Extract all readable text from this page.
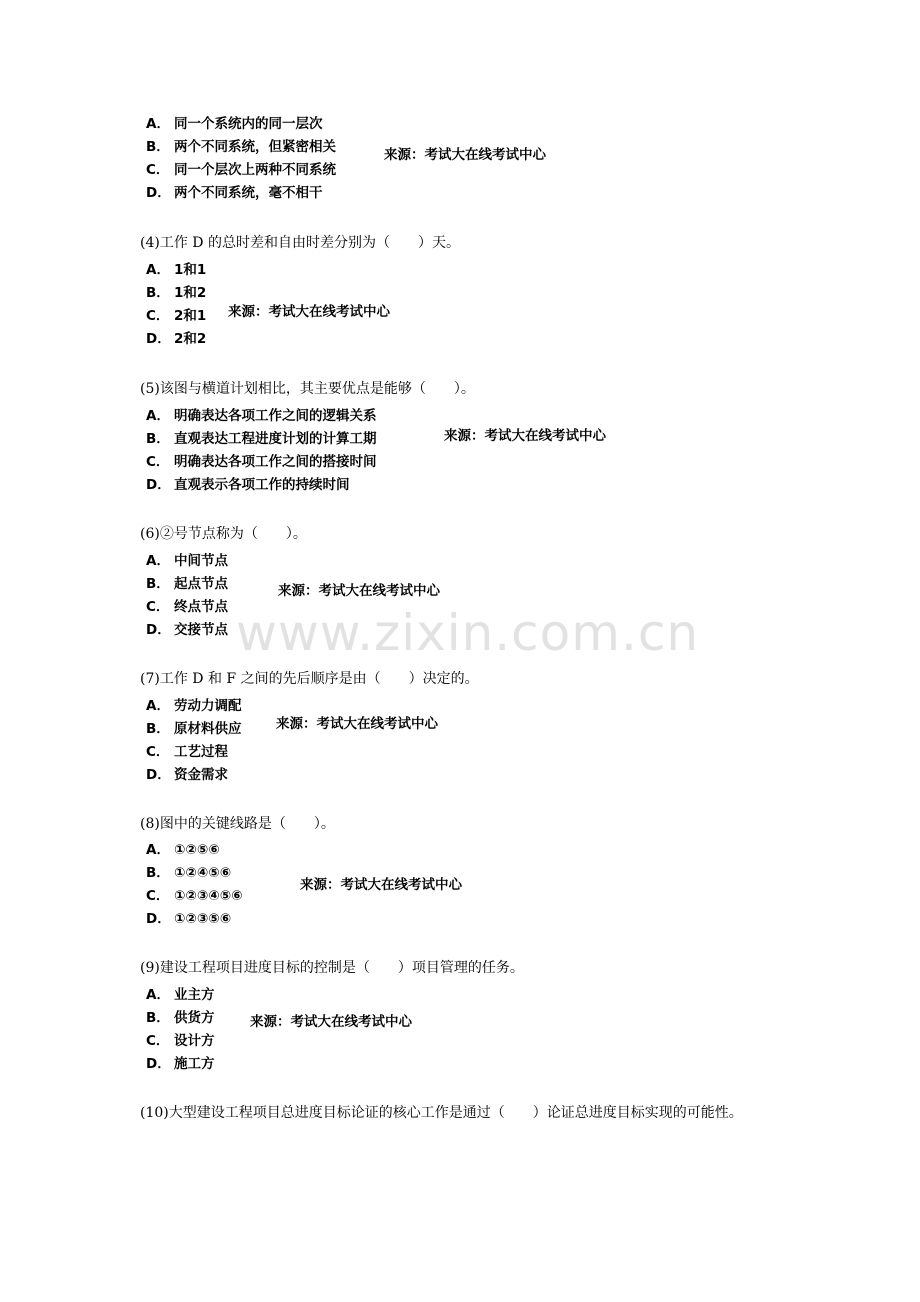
www.zixin.com.cn
A． 同一个系统内的同一层次
B． 两个不同系统，但紧密相关
C． 同一个层次上两种不同系统
D． 两个不同系统，毫不相干
来源：考试大在线考试中心
(4)工作 D 的总时差和自由时差分别为（　　）天。
A． 1和1
B． 1和2
C． 2和1
D． 2和2
来源：考试大在线考试中心
(5)该图与横道计划相比，其主要优点是能够（　　）。
A． 明确表达各项工作之间的逻辑关系
B． 直观表达工程进度计划的计算工期
C． 明确表达各项工作之间的搭接时间
D． 直观表示各项工作的持续时间
来源：考试大在线考试中心
(6)②号节点称为（　　）。
A． 中间节点
B． 起点节点
C． 终点节点
D． 交接节点
来源：考试大在线考试中心
(7)工作 D 和 F 之间的先后顺序是由（　　）决定的。
A． 劳动力调配
B． 原材料供应
C． 工艺过程
D． 资金需求
来源：考试大在线考试中心
(8)图中的关键线路是（　　）。
A． ①②⑤⑥
B． ①②④⑤⑥
C． ①②③④⑤⑥
D． ①②③⑤⑥
来源：考试大在线考试中心
(9)建设工程项目进度目标的控制是（　　）项目管理的任务。
A． 业主方
B． 供货方
C． 设计方
D． 施工方
来源：考试大在线考试中心
(10)大型建设工程项目总进度目标论证的核心工作是通过（　　）论证总进度目标实现的可能性。
